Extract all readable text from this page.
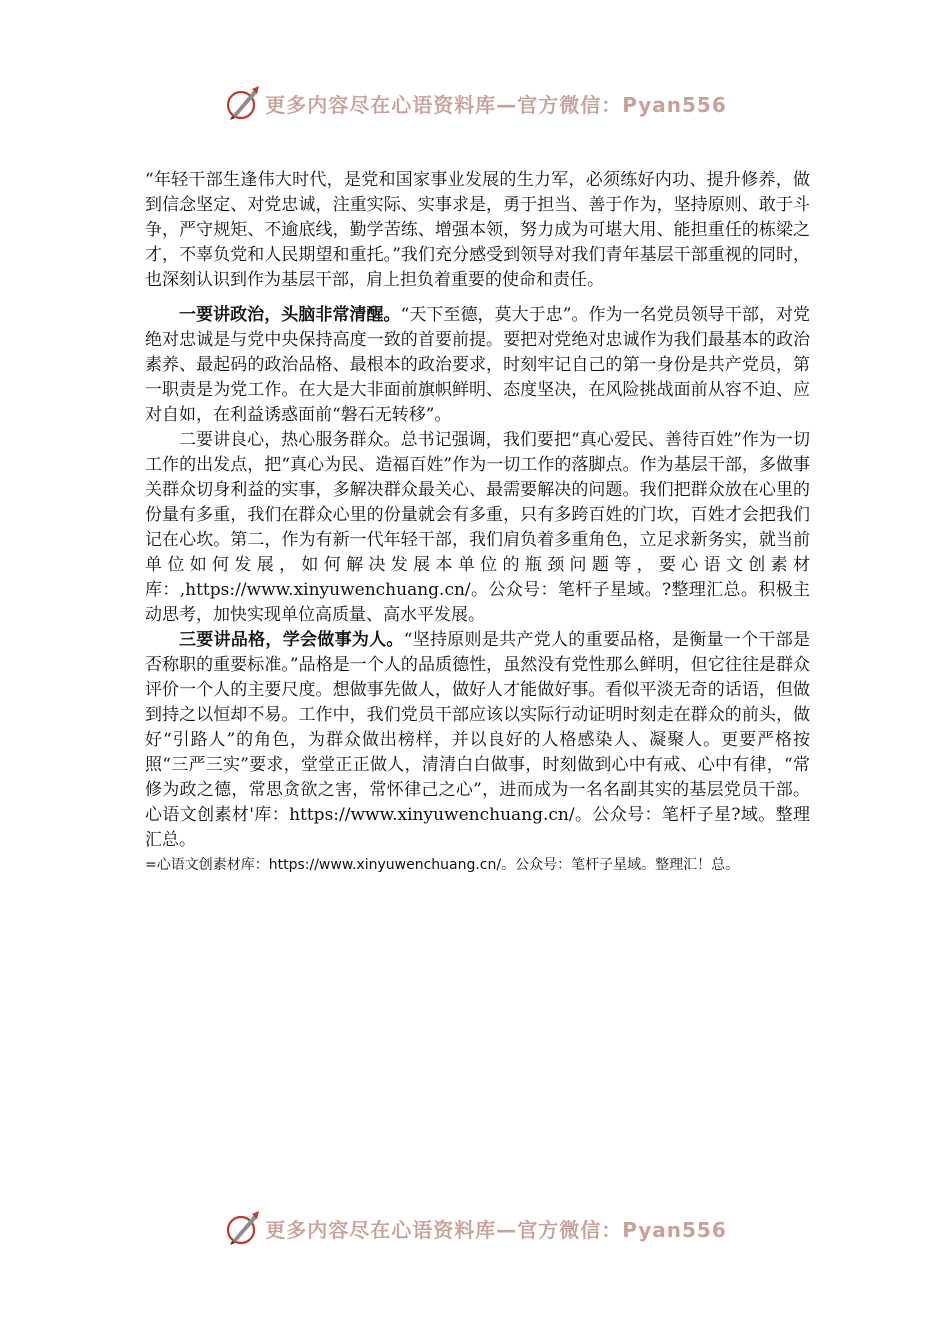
更多内容尽在心语资料库—官方微信：Pyan556

“年轻干部生逢伟大时代，是党和国家事业发展的生力军，必须练好内功、提升修养，做到信念坚定、对党忠诚，注重实际、实事求是，勇于担当、善于作为，坚持原则、敢于斗争，严守规矩、不逾底线，勤学苦练、增强本领，努力成为可堪大用、能担重任的栋梁之才，不辜负党和人民期望和重托。”我们充分感受到领导对我们青年基层干部重视的同时，也深刻认识到作为基层干部，肩上担负着重要的使命和责任。

一要讲政治，头脑非常清醒。“天下至德，莫大于忠”。作为一名党员领导干部，对党绝对忠诚是与党中央保持高度一致的首要前提。要把对党绝对忠诚作为我们最基本的政治素养、最起码的政治品格、最根本的政治要求，时刻牢记自己的第一身份是共产党员，第一职责是为党工作。在大是大非面前旗帜鲜明、态度坚决，在风险挑战面前从容不迫、应对自如，在利益诱惑面前“磐石无转移”。

二要讲良心，热心服务群众。总书记强调，我们要把“真心爱民、善待百姓”作为一切工作的出发点，把“真心为民、造福百姓”作为一切工作的落脚点。作为基层干部，多做事关群众切身利益的实事，多解决群众最关心、最需要解决的问题。我们把群众放在心里的份量有多重，我们在群众心里的份量就会有多重，只有多跨百姓的门坎，百姓才会把我们记在心坎。第二，作为有新一代年轻干部，我们肩负着多重角色，立足求新务实，就当前单位如何发展，如何解决发展本单位的瓶颈问题等，要心语文创素材库：,https://www.xinyuwenchuang.cn/。公众号：笔杆子星域。?整理汇总。积极主动思考，加快实现单位高质量、高水平发展。

三要讲品格，学会做事为人。“坚持原则是共产党人的重要品格，是衡量一个干部是否称职的重要标准。”品格是一个人的品质德性，虽然没有党性那么鲜明，但它往往是群众评价一个人的主要尺度。想做事先做人，做好人才能做好事。看似平淡无奇的话语，但做到持之以恒却不易。工作中，我们党员干部应该以实际行动证明时刻走在群众的前头，做好“引路人”的角色，为群众做出榜样，并以良好的人格感染人、凝聚人。更要严格按照“三严三实”要求，堂堂正正做人，清清白白做事，时刻做到心中有戒、心中有律，“常修为政之德，常思贪欲之害，常怀律己之心”，进而成为一名名副其实的基层党员干部。心语文创素材'库：https://www.xinyuwenchuang.cn/。公众号：笔杆子星?域。整理汇总。

=心语文创素材库：https://www.xinyuwenchuang.cn/。公众号：笔杆子星域。整理汇！总。

更多内容尽在心语资料库—官方微信：Pyan556
